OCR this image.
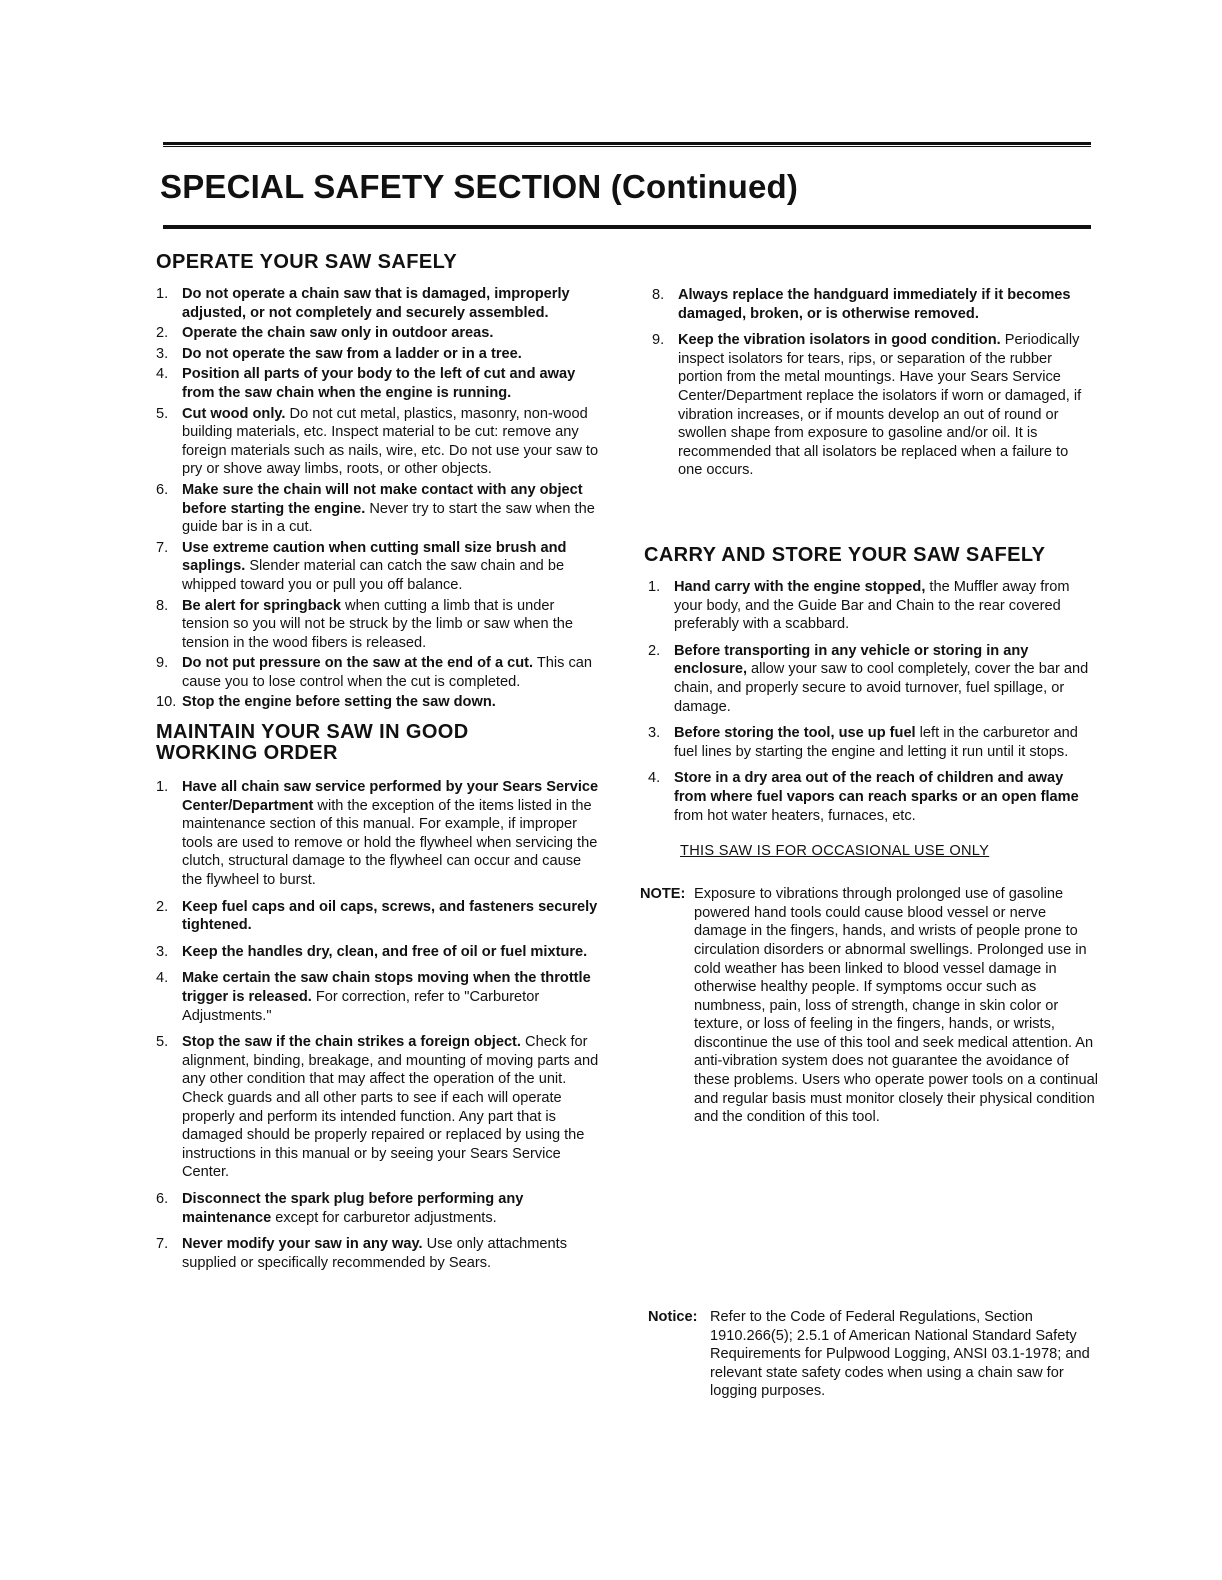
SPECIAL SAFETY SECTION (Continued)
OPERATE YOUR SAW SAFELY
1. Do not operate a chain saw that is damaged, improperly adjusted, or not completely and securely assembled.
2. Operate the chain saw only in outdoor areas.
3. Do not operate the saw from a ladder or in a tree.
4. Position all parts of your body to the left of cut and away from the saw chain when the engine is running.
5. Cut wood only. Do not cut metal, plastics, masonry, non-wood building materials, etc. Inspect material to be cut: remove any foreign materials such as nails, wire, etc. Do not use your saw to pry or shove away limbs, roots, or other objects.
6. Make sure the chain will not make contact with any object before starting the engine. Never try to start the saw when the guide bar is in a cut.
7. Use extreme caution when cutting small size brush and saplings. Slender material can catch the saw chain and be whipped toward you or pull you off balance.
8. Be alert for springback when cutting a limb that is under tension so you will not be struck by the limb or saw when the tension in the wood fibers is released.
9. Do not put pressure on the saw at the end of a cut. This can cause you to lose control when the cut is completed.
10. Stop the engine before setting the saw down.
MAINTAIN YOUR SAW IN GOOD
WORKING ORDER
1. Have all chain saw service performed by your Sears Service Center/Department with the exception of the items listed in the maintenance section of this manual. For example, if improper tools are used to remove or hold the flywheel when servicing the clutch, structural damage to the flywheel can occur and cause the flywheel to burst.
2. Keep fuel caps and oil caps, screws, and fasteners securely tightened.
3. Keep the handles dry, clean, and free of oil or fuel mixture.
4. Make certain the saw chain stops moving when the throttle trigger is released. For correction, refer to "Carburetor Adjustments."
5. Stop the saw if the chain strikes a foreign object. Check for alignment, binding, breakage, and mounting of moving parts and any other condition that may affect the operation of the unit. Check guards and all other parts to see if each will operate properly and perform its intended function. Any part that is damaged should be properly repaired or replaced by using the instructions in this manual or by seeing your Sears Service Center.
6. Disconnect the spark plug before performing any maintenance except for carburetor adjustments.
7. Never modify your saw in any way. Use only attachments supplied or specifically recommended by Sears.
8. Always replace the handguard immediately if it becomes damaged, broken, or is otherwise removed.
9. Keep the vibration isolators in good condition. Periodically inspect isolators for tears, rips, or separation of the rubber portion from the metal mountings. Have your Sears Service Center/Department replace the isolators if worn or damaged, if vibration increases, or if mounts develop an out of round or swollen shape from exposure to gasoline and/or oil. It is recommended that all isolators be replaced when a failure to one occurs.
CARRY AND STORE YOUR SAW SAFELY
1. Hand carry with the engine stopped, the Muffler away from your body, and the Guide Bar and Chain to the rear covered preferably with a scabbard.
2. Before transporting in any vehicle or storing in any enclosure, allow your saw to cool completely, cover the bar and chain, and properly secure to avoid turnover, fuel spillage, or damage.
3. Before storing the tool, use up fuel left in the carburetor and fuel lines by starting the engine and letting it run until it stops.
4. Store in a dry area out of the reach of children and away from where fuel vapors can reach sparks or an open flame from hot water heaters, furnaces, etc.
THIS SAW IS FOR OCCASIONAL USE ONLY
NOTE: Exposure to vibrations through prolonged use of gasoline powered hand tools could cause blood vessel or nerve damage in the fingers, hands, and wrists of people prone to circulation disorders or abnormal swellings. Prolonged use in cold weather has been linked to blood vessel damage in otherwise healthy people. If symptoms occur such as numbness, pain, loss of strength, change in skin color or texture, or loss of feeling in the fingers, hands, or wrists, discontinue the use of this tool and seek medical attention. An anti-vibration system does not guarantee the avoidance of these problems. Users who operate power tools on a continual and regular basis must monitor closely their physical condition and the condition of this tool.
Notice: Refer to the Code of Federal Regulations, Section 1910.266(5); 2.5.1 of American National Standard Safety Requirements for Pulpwood Logging, ANSI 03.1-1978; and relevant state safety codes when using a chain saw for logging purposes.
